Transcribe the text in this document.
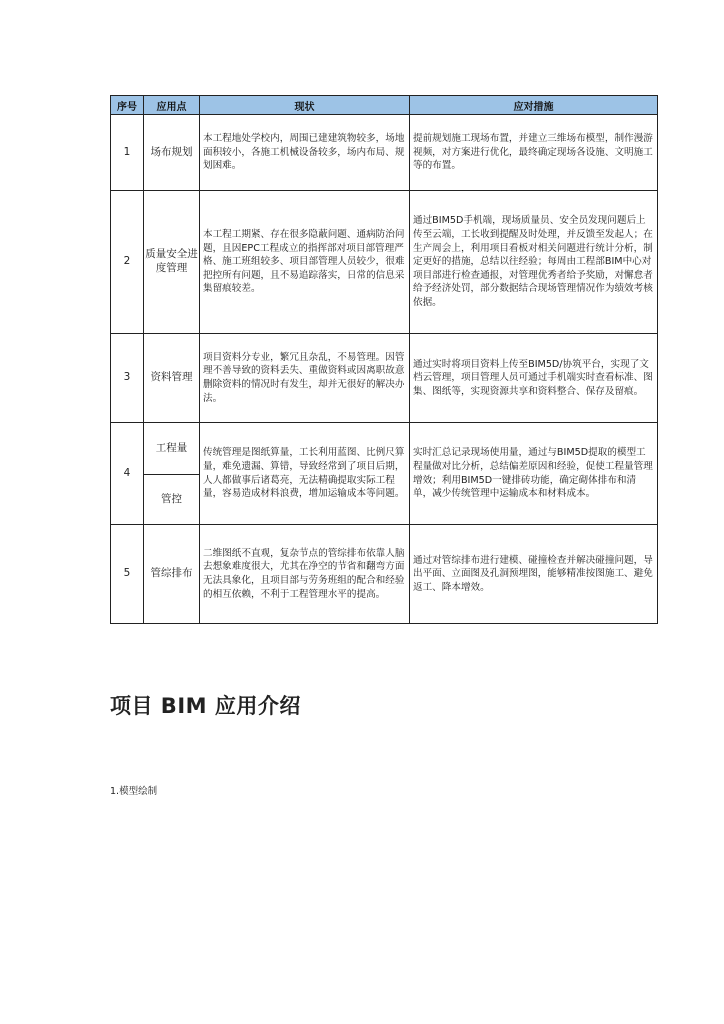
序号	应用点	现状	应对措施
1	场布规划	本工程地处学校内，周围已建建筑物较多，场地面积较小，各施工机械设备较多，场内布局、规划困难。	提前规划施工现场布置，并建立三维场布模型，制作漫游视频，对方案进行优化，最终确定现场各设施、文明施工等的布置。
2	质量安全进度管理	本工程工期紧、存在很多隐蔽问题、通病防治问题，且因EPC工程成立的指挥部对项目部管理严格、施工班组较多、项目部管理人员较少，很难把控所有问题，且不易追踪落实，日常的信息采集留痕较差。	通过BIM5D手机端，现场质量员、安全员发现问题后上传至云端，工长收到提醒及时处理，并反馈至发起人；在生产周会上，利用项目看板对相关问题进行统计分析，制定更好的措施，总结以往经验；每周由工程部BIM中心对项目部进行检查通报，对管理优秀者给予奖励，对懈怠者给予经济处罚，部分数据结合现场管理情况作为绩效考核依据。
3	资料管理	项目资料分专业，繁冗且杂乱，不易管理。因管理不善导致的资料丢失、重做资料或因离职故意删除资料的情况时有发生，却并无很好的解决办法。	通过实时将项目资料上传至BIM5D/协筑平台，实现了文档云管理，项目管理人员可通过手机端实时查看标准、图集、图纸等，实现资源共享和资料整合、保存及留痕。
4	工程量	传统管理是图纸算量，工长利用蓝图、比例尺算量，难免遗漏、算错，导致经常到了项目后期，人人都做事后诸葛亮，无法精确提取实际工程量，容易造成材料浪费，增加运输成本等问题。	实时汇总记录现场使用量，通过与BIM5D提取的模型工程量做对比分析，总结偏差原因和经验，促使工程量管理增效；利用BIM5D一键排砖功能，确定砌体排布和清单，减少传统管理中运输成本和材料成本。
	管控		
5	管综排布	二维图纸不直观，复杂节点的管综排布依靠人脑去想象难度很大，尤其在净空的节省和翻弯方面无法具象化，且项目部与劳务班组的配合和经验的相互依赖，不利于工程管理水平的提高。	通过对管综排布进行建模、碰撞检查并解决碰撞问题，导出平面、立面图及孔洞预埋图，能够精准按图施工、避免返工、降本增效。
项目 BIM 应用介绍

1.模型绘制
